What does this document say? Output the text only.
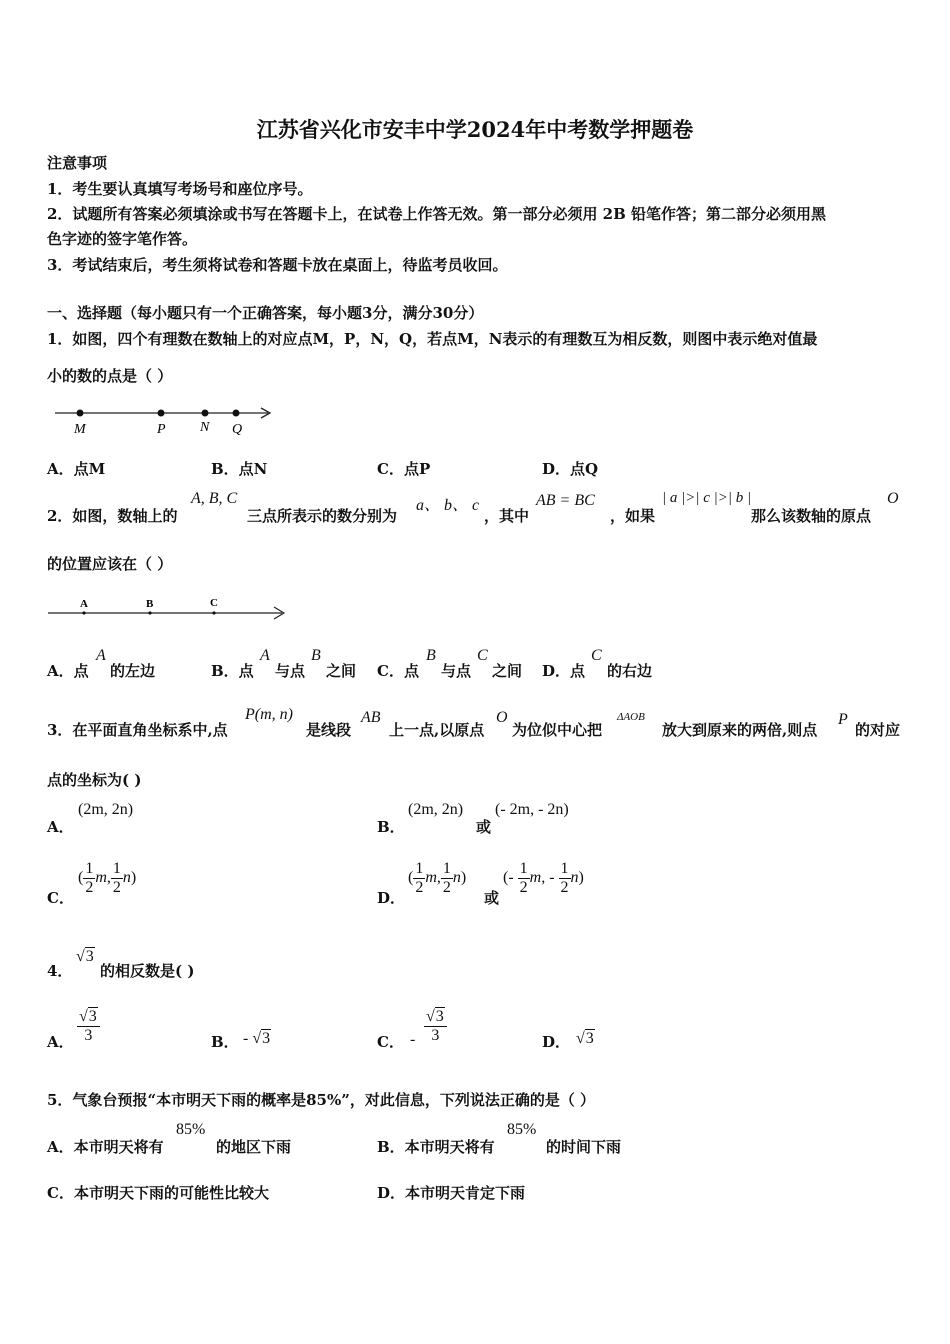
江苏省兴化市安丰中学2024年中考数学押题卷
注意事项
1．考生要认真填写考场号和座位序号。
2．试题所有答案必须填涂或书写在答题卡上，在试卷上作答无效。第一部分必须用 2B 铅笔作答；第二部分必须用黑
色字迹的签字笔作答。
3．考试结束后，考生须将试卷和答题卡放在桌面上，待监考员收回。
一、选择题（每小题只有一个正确答案，每小题3分，满分30分）
1．如图，四个有理数在数轴上的对应点M，P，N，Q，若点M，N表示的有理数互为相反数，则图中表示绝对值最
小的数的点是（ ）
M	P N Q
A．点M	B．点N	C．点P	D．点Q
2．如图，数轴上的
A, B, C
三点所表示的数分别为
a、 b、 c
，其中
AB = BC
，如果
| a |>| c |>| b |
那么该数轴的原点
O
的位置应该在（ ）
A	B	C
A．点
A
的左边	B．点
A
与点
B
之间 C．点
B
与点
C
之间 D．点
C
的右边
3．在平面直角坐标系中,点
P(m, n)
是线段
AB
上一点,以原点
O
为位似中心把
ΔAOB
放大到原来的两倍,则点
P
的对应
点的坐标为( )
A．
(2m, 2n)
B．
(2m, 2n)
或
(- 2m, - 2n)
C．
( $\frac{1}{2} m$, $\frac{1}{2} n$)
D．
( $\frac{1}{2} m$, $\frac{1}{2} n$)
或
(- $\frac{1}{2} m$, - $\frac{1}{2} n$)
4．
√3
的相反数是( )
A． $\frac{√3}{3}$	B． - √3	C． - $\frac{√3}{3}$	D． √3
5．气象台预报“本市明天下雨的概率是85%”，对此信息，下列说法正确的是（ ）
A．本市明天将有
85%
的地区下雨	B．本市明天将有
85%
的时间下雨
C．本市明天下雨的可能性比较大	D．本市明天肯定下雨
